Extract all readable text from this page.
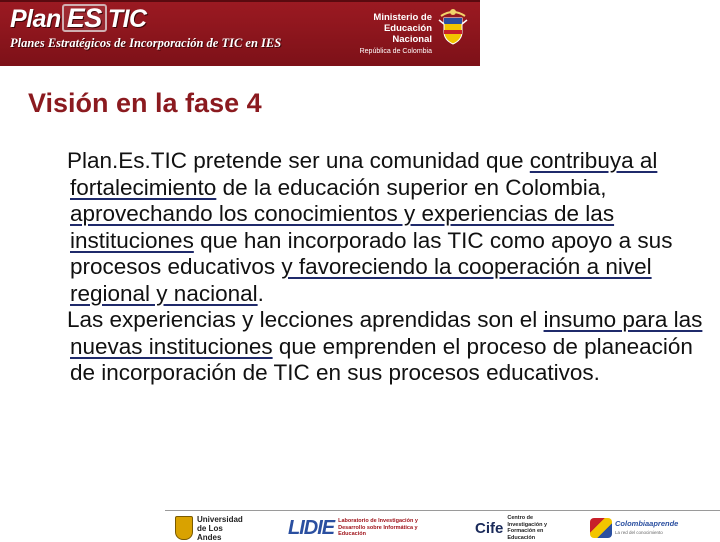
Plan ES TIC
Planes Estratégicos de Incorporación de TIC en IES
Ministerio de
Educación Nacional
República de Colombia
Visión en la fase 4

Plan.Es.TIC pretende ser una comunidad que contribuya al fortalecimiento de la educación superior en Colombia, aprovechando los conocimientos y experiencias de las instituciones que han incorporado las TIC como apoyo a sus procesos educativos y favoreciendo la cooperación a nivel regional y nacional.

Las experiencias y lecciones aprendidas son el insumo para las nuevas instituciones que emprenden el proceso de planeación de incorporación de TIC en sus procesos educativos.

Universidad de Los Andes	LIDIE Laboratorio de Investigación y Desarrollo sobre Informática y Educación	Cife
Centro de Investigación y Formación en Educación
Colombiaaprende
La red del conocimiento
